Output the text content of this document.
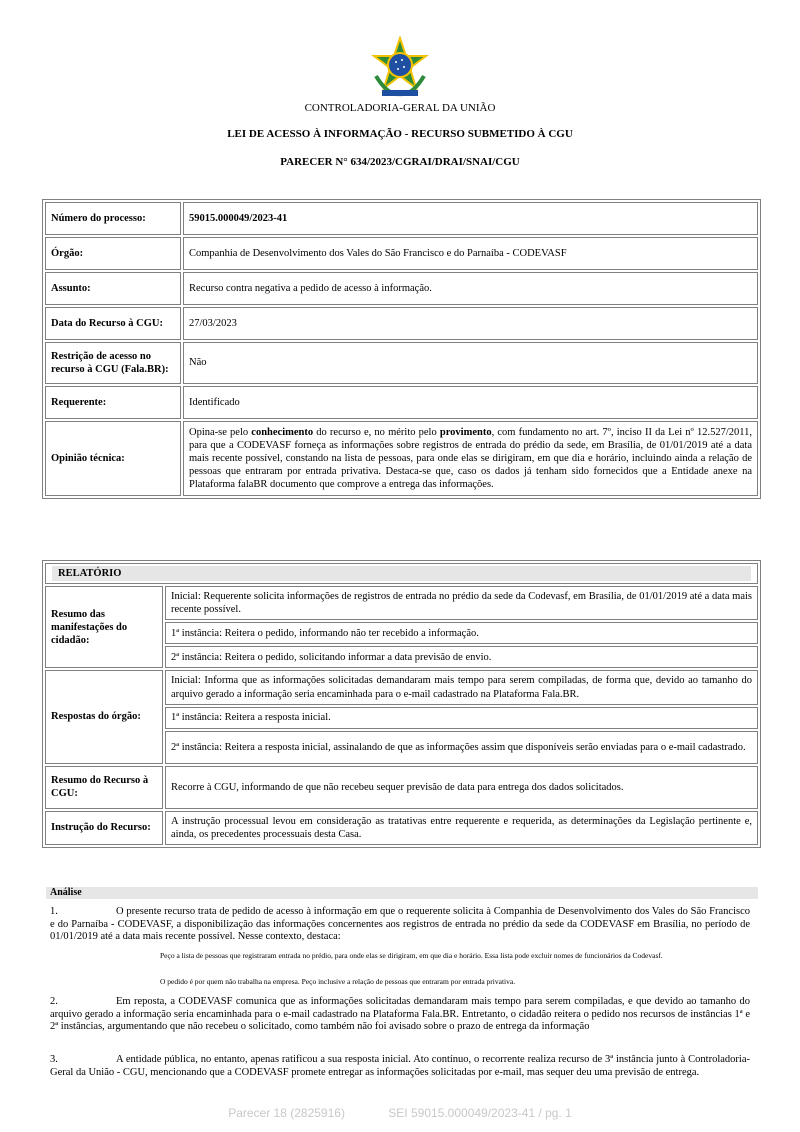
CONTROLADORIA-GERAL DA UNIÃO
LEI DE ACESSO À INFORMAÇÃO - RECURSO SUBMETIDO À CGU
PARECER N° 634/2023/CGRAI/DRAI/SNAI/CGU
Número do processo:	59015.000049/2023-41
Órgão:	Companhia de Desenvolvimento dos Vales do São Francisco e do Parnaíba - CODEVASF
Assunto:	Recurso contra negativa a pedido de acesso à informação.
Data do Recurso à CGU:	27/03/2023
Restrição de acesso no recurso à CGU (Fala.BR):	Não
Requerente:	Identificado
Opinião técnica:	Opina-se pelo conhecimento do recurso e, no mérito pelo provimento, com fundamento no art. 7º, inciso II da Lei nº 12.527/2011, para que a CODEVASF forneça as informações sobre registros de entrada do prédio da sede, em Brasília, de 01/01/2019 até a data mais recente possível, constando na lista de pessoas, para onde elas se dirigiram, em que dia e horário, incluindo ainda a relação de pessoas que entraram por entrada privativa. Destaca-se que, caso os dados já tenham sido fornecidos que a Entidade anexe na Plataforma falaBR documento que comprove a entrega das informações.
RELATÓRIO	

Resumo das manifestações do cidadão:	Inicial: Requerente solicita informações de registros de entrada no prédio da sede da Codevasf, em Brasília, de 01/01/2019 até a data mais recente possível.
	1ª instância: Reitera o pedido, informando não ter recebido a informação.
	2ª instância: Reitera o pedido, solicitando informar a data previsão de envio.
Respostas do órgão:	Inicial: Informa que as informações solicitadas demandaram mais tempo para serem compiladas, de forma que, devido ao tamanho do arquivo gerado a informação seria encaminhada para o e-mail cadastrado na Plataforma Fala.BR.
	1ª instância: Reitera a resposta inicial.
	2ª instância: Reitera a resposta inicial, assinalando de que as informações assim que disponíveis serão enviadas para o e-mail cadastrado.
Resumo do Recurso à CGU:	Recorre à CGU, informando de que não recebeu sequer previsão de data para entrega dos dados solicitados.
Instrução do Recurso:	A instrução processual levou em consideração as tratativas entre requerente e requerida, as determinações da Legislação pertinente e, ainda, os precedentes processuais desta Casa.
Análise
1.	O presente recurso trata de pedido de acesso à informação em que o requerente solicita à Companhia de Desenvolvimento dos Vales do São Francisco e do Parnaíba - CODEVASF, a disponibilização das informações concernentes aos registros de entrada no prédio da sede da CODEVASF em Brasília, no período de 01/01/2019 até a data mais recente possível. Nesse contexto, destaca:
Peço a lista de pessoas que registraram entrada no prédio, para onde elas se dirigiram, em que dia e horário. Essa lista pode excluir nomes de funcionários da Codevasf.
O pedido é por quem não trabalha na empresa. Peço inclusive a relação de pessoas que entraram por entrada privativa.
2.	Em reposta, a CODEVASF comunica que as informações solicitadas demandaram mais tempo para serem compiladas, e que devido ao tamanho do arquivo gerado a informação seria encaminhada para o e-mail cadastrado na Plataforma Fala.BR. Entretanto, o cidadão reitera o pedido nos recursos de instâncias 1ª e 2ª instâncias, argumentando que não recebeu o solicitado, como também não foi avisado sobre o prazo de entrega da informação
3.	A entidade pública, no entanto, apenas ratificou a sua resposta inicial. Ato contínuo, o recorrente realiza recurso de 3ª instância junto à Controladoria-Geral da União - CGU, mencionando que a CODEVASF promete entregar as informações solicitadas por e-mail, mas sequer deu uma previsão de entrega.
Parecer 18 (2825916)	SEI 59015.000049/2023-41 / pg. 1
